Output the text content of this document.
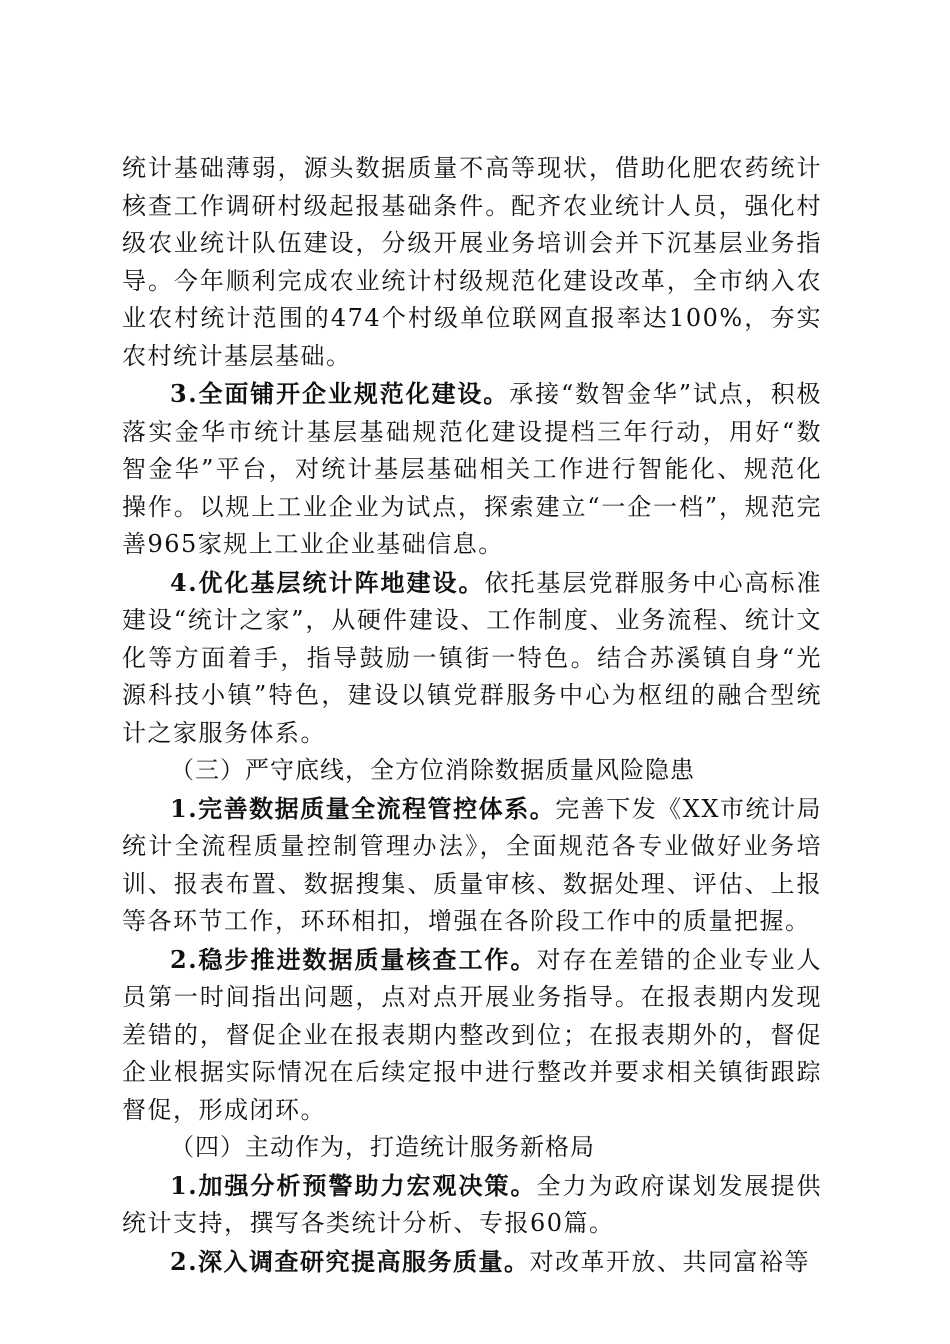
统计基础薄弱，源头数据质量不高等现状，借助化肥农药统计核查工作调研村级起报基础条件。配齐农业统计人员，强化村级农业统计队伍建设，分级开展业务培训会并下沉基层业务指导。今年顺利完成农业统计村级规范化建设改革，全市纳入农业农村统计范围的474个村级单位联网直报率达100%，夯实农村统计基层基础。

3.全面铺开企业规范化建设。承接“数智金华”试点，积极落实金华市统计基层基础规范化建设提档三年行动，用好“数智金华”平台，对统计基层基础相关工作进行智能化、规范化操作。以规上工业企业为试点，探索建立“一企一档”，规范完善965家规上工业企业基础信息。

4.优化基层统计阵地建设。依托基层党群服务中心高标准建设“统计之家”，从硬件建设、工作制度、业务流程、统计文化等方面着手，指导鼓励一镇街一特色。结合苏溪镇自身“光源科技小镇”特色，建设以镇党群服务中心为枢纽的融合型统计之家服务体系。

（三）严守底线，全方位消除数据质量风险隐患

1.完善数据质量全流程管控体系。完善下发《XX市统计局统计全流程质量控制管理办法》，全面规范各专业做好业务培训、报表布置、数据搜集、质量审核、数据处理、评估、上报等各环节工作，环环相扣，增强在各阶段工作中的质量把握。

2.稳步推进数据质量核查工作。对存在差错的企业专业人员第一时间指出问题，点对点开展业务指导。在报表期内发现差错的，督促企业在报表期内整改到位；在报表期外的，督促企业根据实际情况在后续定报中进行整改并要求相关镇街跟踪督促，形成闭环。

（四）主动作为，打造统计服务新格局

1.加强分析预警助力宏观决策。全力为政府谋划发展提供统计支持，撰写各类统计分析、专报60篇。

2.深入调查研究提高服务质量。对改革开放、共同富裕等
